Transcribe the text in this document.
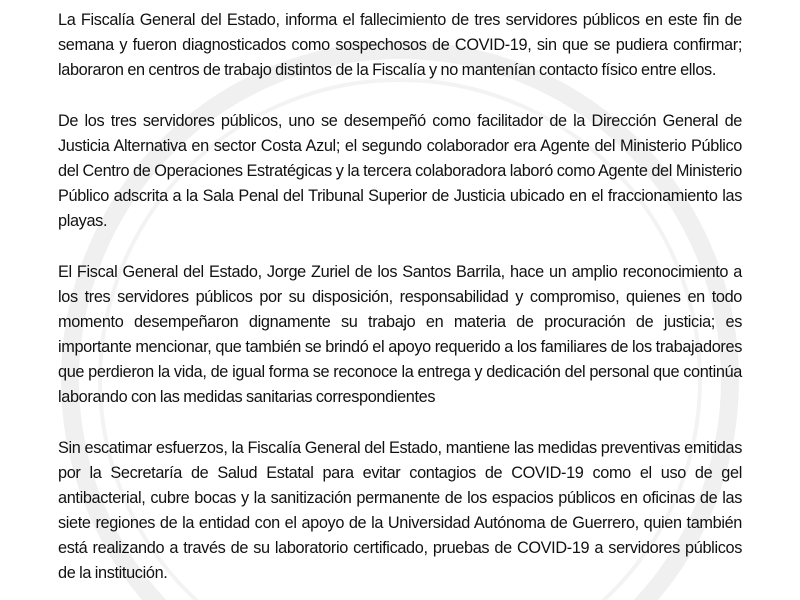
La Fiscalía General del Estado, informa el fallecimiento de tres servidores públicos en este fin de semana y fueron diagnosticados como sospechosos de COVID-19, sin que se pudiera confirmar; laboraron en centros de trabajo distintos de la Fiscalía y no mantenían contacto físico entre ellos.

De los tres servidores públicos, uno se desempeñó como facilitador de la Dirección General de Justicia Alternativa en sector Costa Azul; el segundo colaborador era Agente del Ministerio Público del Centro de Operaciones Estratégicas y la tercera colaboradora laboró como Agente del Ministerio Público adscrita a la Sala Penal del Tribunal Superior de Justicia ubicado en el fraccionamiento las playas.

El Fiscal General del Estado, Jorge Zuriel de los Santos Barrila, hace un amplio reconocimiento a los tres servidores públicos por su disposición, responsabilidad y compromiso, quienes en todo momento desempeñaron dignamente su trabajo en materia de procuración de justicia; es importante mencionar, que también se brindó el apoyo requerido a los familiares de los trabajadores que perdieron la vida, de igual forma se reconoce la entrega y dedicación del personal que continúa laborando con las medidas sanitarias correspondientes

Sin escatimar esfuerzos, la Fiscalía General del Estado, mantiene las medidas preventivas emitidas por la Secretaría de Salud Estatal para evitar contagios de COVID-19 como el uso de gel antibacterial, cubre bocas y la sanitización permanente de los espacios públicos en oficinas de las siete regiones de la entidad con el apoyo de la Universidad Autónoma de Guerrero, quien también está realizando a través de su laboratorio certificado, pruebas de COVID-19 a servidores públicos de la institución.
